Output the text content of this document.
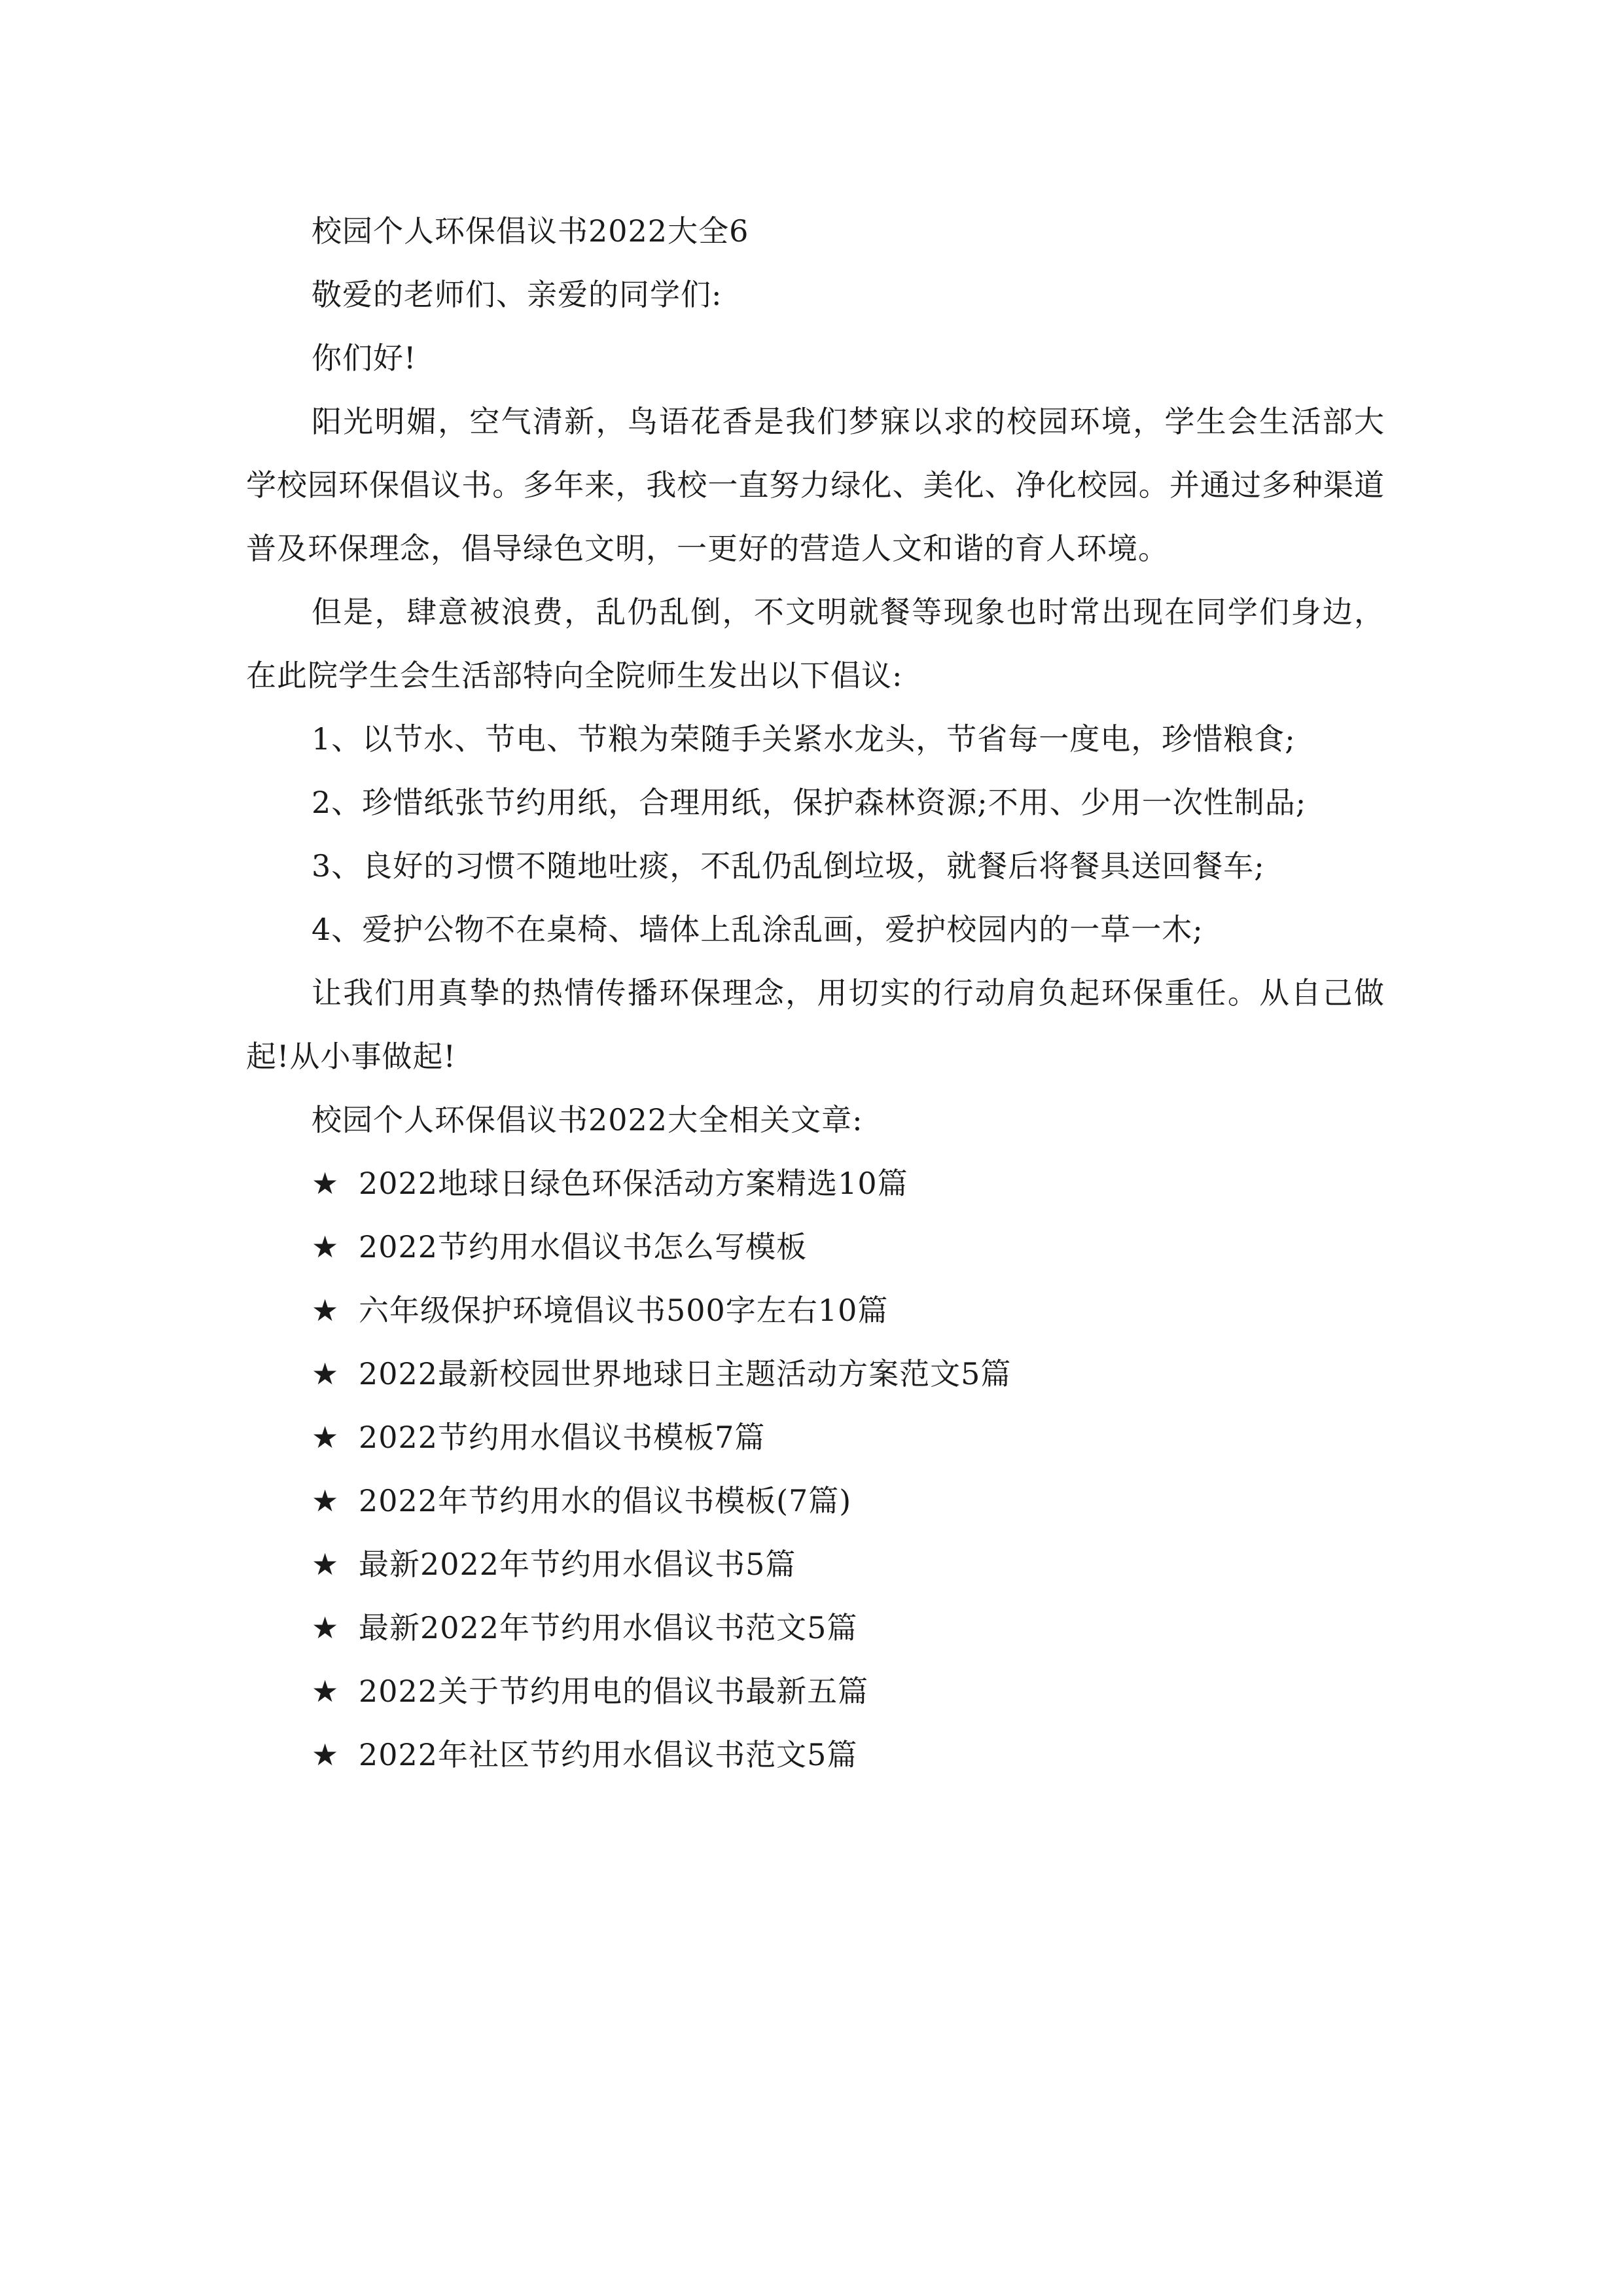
校园个人环保倡议书2022大全6

敬爱的老师们、亲爱的同学们:

你们好!

阳光明媚，空气清新，鸟语花香是我们梦寐以求的校园环境，学生会生活部大学校园环保倡议书。多年来，我校一直努力绿化、美化、净化校园。并通过多种渠道普及环保理念，倡导绿色文明，一更好的营造人文和谐的育人环境。

但是，肆意被浪费，乱仍乱倒，不文明就餐等现象也时常出现在同学们身边，在此院学生会生活部特向全院师生发出以下倡议:

1、以节水、节电、节粮为荣随手关紧水龙头，节省每一度电，珍惜粮食;

2、珍惜纸张节约用纸，合理用纸，保护森林资源;不用、少用一次性制品;

3、良好的习惯不随地吐痰，不乱仍乱倒垃圾，就餐后将餐具送回餐车;

4、爱护公物不在桌椅、墙体上乱涂乱画，爱护校园内的一草一木;

让我们用真挚的热情传播环保理念，用切实的行动肩负起环保重任。从自己做起!从小事做起!

校园个人环保倡议书2022大全相关文章:

★ 2022地球日绿色环保活动方案精选10篇
★ 2022节约用水倡议书怎么写模板
★ 六年级保护环境倡议书500字左右10篇
★ 2022最新校园世界地球日主题活动方案范文5篇
★ 2022节约用水倡议书模板7篇
★ 2022年节约用水的倡议书模板(7篇)
★ 最新2022年节约用水倡议书5篇
★ 最新2022年节约用水倡议书范文5篇
★ 2022关于节约用电的倡议书最新五篇
★ 2022年社区节约用水倡议书范文5篇
